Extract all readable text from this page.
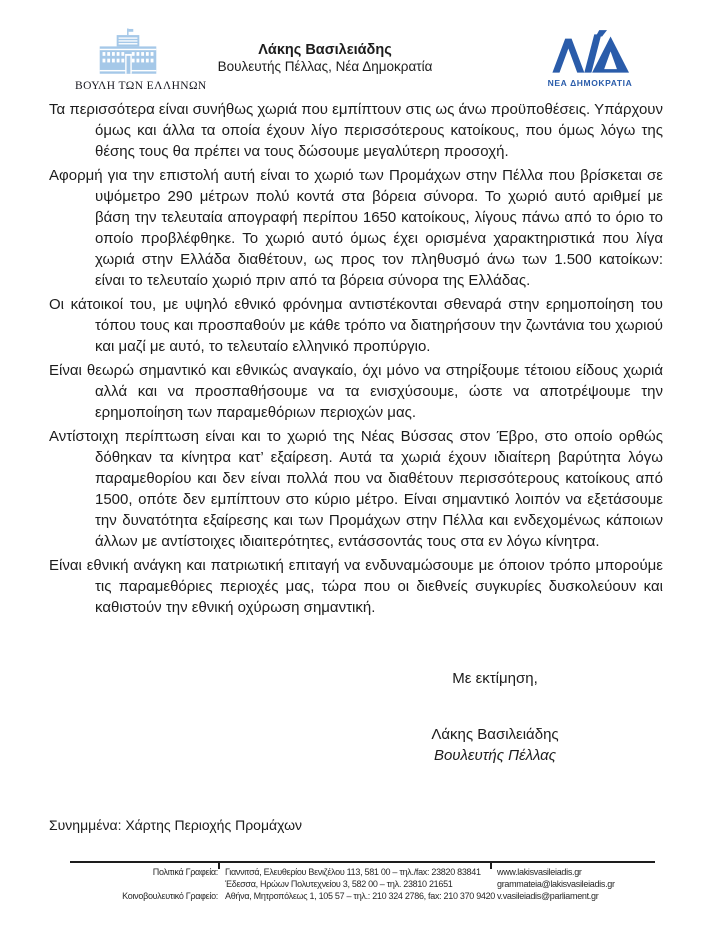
ΒΟΥΛΗ ΤΩΝ ΕΛΛΗΝΩΝ
Λάκης Βασιλειάδης
Βουλευτής Πέλλας, Νέα Δημοκρατία
ΝΕΑ ΔΗΜΟΚΡΑΤΙΑ

Τα περισσότερα είναι συνήθως χωριά που εμπίπτουν στις ως άνω προϋποθέσεις. Υπάρχουν όμως και άλλα τα οποία έχουν λίγο περισσότερους κατοίκους, που όμως λόγω της θέσης τους θα πρέπει να τους δώσουμε μεγαλύτερη προσοχή.

Αφορμή για την επιστολή αυτή είναι το χωριό των Προμάχων στην Πέλλα που βρίσκεται σε υψόμετρο 290 μέτρων πολύ κοντά στα βόρεια σύνορα. Το χωριό αυτό αριθμεί με βάση την τελευταία απογραφή περίπου 1650 κατοίκους, λίγους πάνω από το όριο το οποίο προβλέφθηκε. Το χωριό αυτό όμως έχει ορισμένα χαρακτηριστικά που λίγα χωριά στην Ελλάδα διαθέτουν, ως προς τον πληθυσμό άνω των 1.500 κατοίκων: είναι το τελευταίο χωριό πριν από τα βόρεια σύνορα της Ελλάδας.

Οι κάτοικοί του, με υψηλό εθνικό φρόνημα αντιστέκονται σθεναρά στην ερημοποίηση του τόπου τους και προσπαθούν με κάθε τρόπο να διατηρήσουν την ζωντάνια του χωριού και μαζί με αυτό, το τελευταίο ελληνικό προπύργιο.

Είναι θεωρώ σημαντικό και εθνικώς αναγκαίο, όχι μόνο να στηρίξουμε τέτοιου είδους χωριά αλλά και να προσπαθήσουμε να τα ενισχύσουμε, ώστε να αποτρέψουμε την ερημοποίηση των παραμεθόριων περιοχών μας.

Αντίστοιχη περίπτωση είναι και το χωριό της Νέας Βύσσας στον Έβρο, στο οποίο ορθώς δόθηκαν τα κίνητρα κατ’ εξαίρεση. Αυτά τα χωριά έχουν ιδιαίτερη βαρύτητα λόγω παραμεθορίου και δεν είναι πολλά που να διαθέτουν περισσότερους κατοίκους από 1500, οπότε δεν εμπίπτουν στο κύριο μέτρο. Είναι σημαντικό λοιπόν να εξετάσουμε την δυνατότητα εξαίρεσης και των Προμάχων στην Πέλλα και ενδεχομένως κάποιων άλλων με αντίστοιχες ιδιαιτερότητες, εντάσσοντάς τους στα εν λόγω κίνητρα.

Είναι εθνική ανάγκη και πατριωτική επιταγή να ενδυναμώσουμε με όποιον τρόπο μπορούμε τις παραμεθόριες περιοχές μας, τώρα που οι διεθνείς συγκυρίες δυσκολεύουν και καθιστούν την εθνική οχύρωση σημαντική.

Με εκτίμηση,
Λάκης Βασιλειάδης
Βουλευτής Πέλλας
Συνημμένα: Χάρτης Περιοχής Προμάχων
Πολιτικά Γραφεία: Γιαννιτσά, Ελευθερίου Βενιζέλου 113, 581 00 – τηλ./fax: 23820 83841	www.lakisvasileiadis.gr
Έδεσσα, Ηρώων Πολυτεχνείου 3, 582 00 – τηλ. 23810 21651	grammateia@lakisvasileiadis.gr
Κοινοβουλευτικό Γραφείο: Αθήνα, Μητροπόλεως 1, 105 57 – τηλ.: 210 324 2786, fax: 210 370 9420 v.vasileiadis@parliament.gr
